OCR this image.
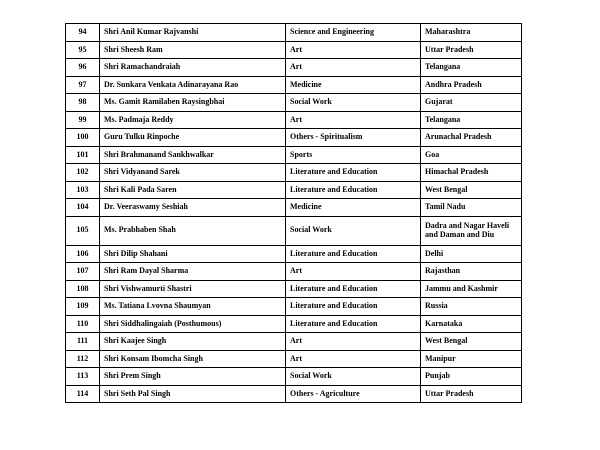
94	Shri Anil Kumar Rajvanshi	Science and Engineering	Maharashtra
95	Shri Sheesh Ram	Art	Uttar Pradesh
96	Shri Ramachandraiah	Art	Telangana
97	Dr. Sunkara Venkata Adinarayana Rao	Medicine	Andhra Pradesh
98	Ms. Gamit Ramilaben Raysingbhai	Social Work	Gujarat
99	Ms. Padmaja Reddy	Art	Telangana
100	Guru Tulku Rinpoche	Others - Spiritualism	Arunachal Pradesh
101	Shri Brahmanand Sankhwalkar	Sports	Goa
102	Shri Vidyanand Sarek	Literature and Education	Himachal Pradesh
103	Shri Kali Pada Saren	Literature and Education	West Bengal
104	Dr. Veeraswamy Seshiah	Medicine	Tamil Nadu
105	Ms. Prabhaben Shah	Social Work	Dadra and Nagar Haveli and Daman and Diu
106	Shri Dilip Shahani	Literature and Education	Delhi
107	Shri Ram Dayal Sharma	Art	Rajasthan
108	Shri Vishwamurti Shastri	Literature and Education	Jammu and Kashmir
109	Ms. Tatiana Lvovna Shaumyan	Literature and Education	Russia
110	Shri Siddhalingaiah (Posthumous)	Literature and Education	Karnataka
111	Shri Kaajee Singh	Art	West Bengal
112	Shri Konsam Ibomcha Singh	Art	Manipur
113	Shri Prem Singh	Social Work	Punjab
114	Shri Seth Pal Singh	Others - Agriculture	Uttar Pradesh
